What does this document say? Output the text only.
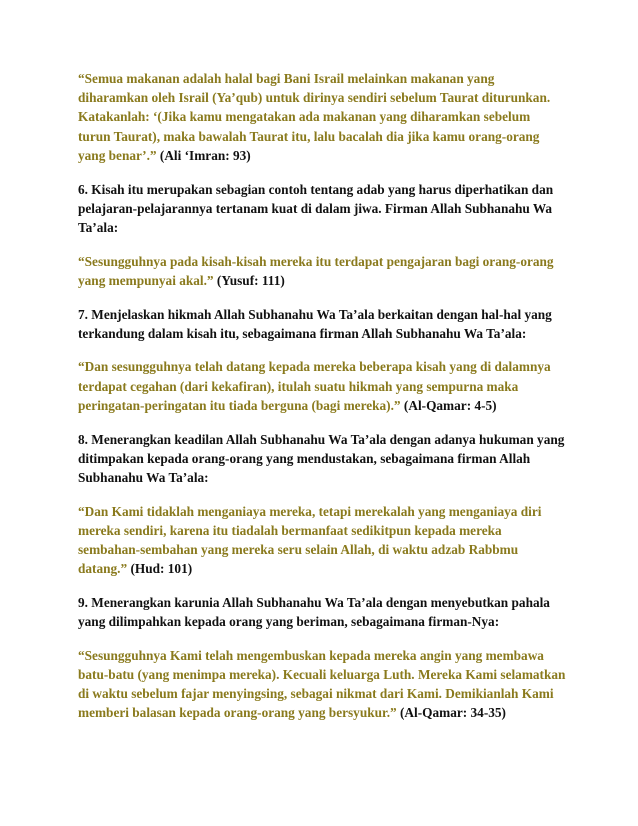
“Semua makanan adalah halal bagi Bani Israil melainkan makanan yang diharamkan oleh Israil (Ya’qub) untuk dirinya sendiri sebelum Taurat diturunkan. Katakanlah: ‘(Jika kamu mengatakan ada makanan yang diharamkan sebelum turun Taurat), maka bawalah Taurat itu, lalu bacalah dia jika kamu orang-orang yang benar’.” (Ali ‘Imran: 93)

6. Kisah itu merupakan sebagian contoh tentang adab yang harus diperhatikan dan pelajaran-pelajarannya tertanam kuat di dalam jiwa. Firman Allah Subhanahu Wa Ta’ala:

“Sesungguhnya pada kisah-kisah mereka itu terdapat pengajaran bagi orang-orang yang mempunyai akal.” (Yusuf: 111)

7. Menjelaskan hikmah Allah Subhanahu Wa Ta’ala berkaitan dengan hal-hal yang terkandung dalam kisah itu, sebagaimana firman Allah Subhanahu Wa Ta’ala:

“Dan sesungguhnya telah datang kepada mereka beberapa kisah yang di dalamnya terdapat cegahan (dari kekafiran), itulah suatu hikmah yang sempurna maka peringatan-peringatan itu tiada berguna (bagi mereka).” (Al-Qamar: 4-5)

8. Menerangkan keadilan Allah Subhanahu Wa Ta’ala dengan adanya hukuman yang ditimpakan kepada orang-orang yang mendustakan, sebagaimana firman Allah Subhanahu Wa Ta’ala:

“Dan Kami tidaklah menganiaya mereka, tetapi merekalah yang menganiaya diri mereka sendiri, karena itu tiadalah bermanfaat sedikitpun kepada mereka sembahan-sembahan yang mereka seru selain Allah, di waktu adzab Rabbmu datang.” (Hud: 101)

9. Menerangkan karunia Allah Subhanahu Wa Ta’ala dengan menyebutkan pahala yang dilimpahkan kepada orang yang beriman, sebagaimana firman-Nya:

“Sesungguhnya Kami telah mengembuskan kepada mereka angin yang membawa batu-batu (yang menimpa mereka). Kecuali keluarga Luth. Mereka Kami selamatkan di waktu sebelum fajar menyingsing, sebagai nikmat dari Kami. Demikianlah Kami memberi balasan kepada orang-orang yang bersyukur.” (Al-Qamar: 34-35)
